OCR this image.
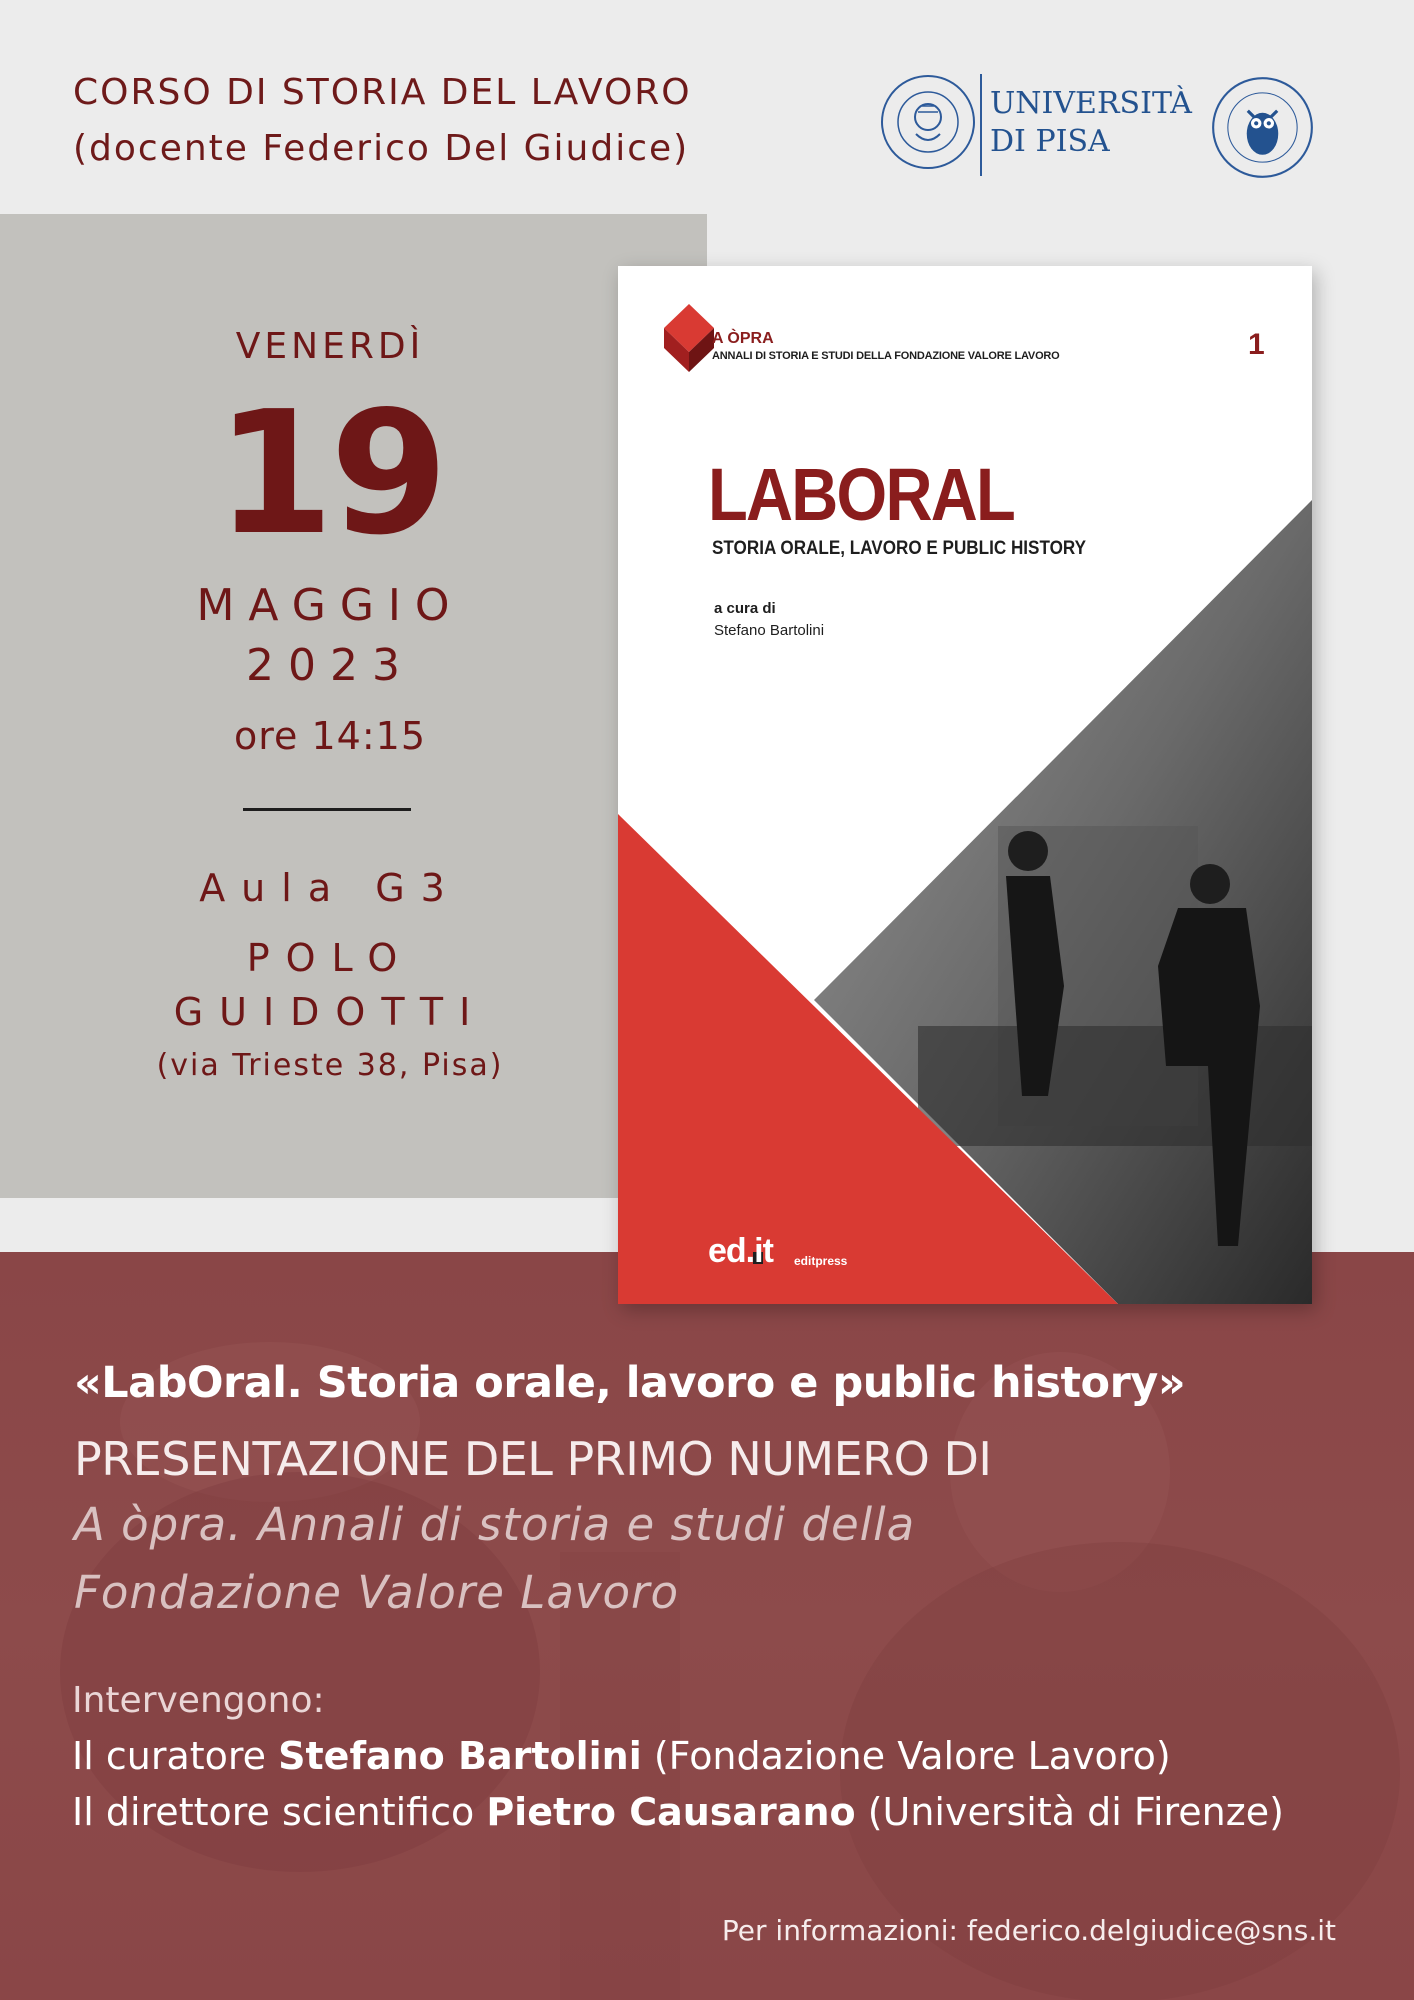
CORSO DI STORIA DEL LAVORO

(docente Federico Del Giudice)

UNIVERSITÀ
DI PISA

VENERDÌ

19

MAGGIO

2023

ore 14:15

Aula G3

POLO

GUIDOTTI

(via Trieste 38, Pisa)

«LabOral. Storia orale, lavoro e public history»

PRESENTAZIONE DEL PRIMO NUMERO DI

A òpra. Annali di storia e studi della

Fondazione Valore Lavoro

Intervengono:

Il curatore Stefano Bartolini (Fondazione Valore Lavoro)

Il direttore scientifico Pietro Causarano (Università di Firenze)

Per informazioni: federico.delgiudice@sns.it

A ÒPRA
ANNALI DI STORIA E STUDI DELLA FONDAZIONE VALORE LAVORO	1
LABORAL
STORIA ORALE, LAVORO E PUBLIC HISTORY
a cura di
Stefano Bartolini
ed.it editpress
